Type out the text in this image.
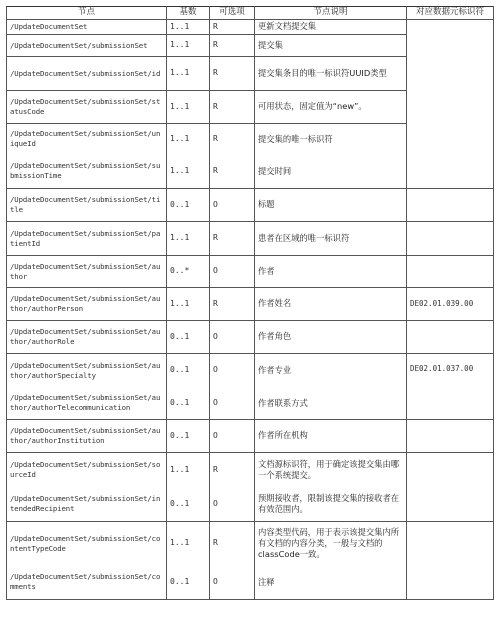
节点	基数	可选项	节点说明	对应数据元标识符
/UpdateDocumentSet	1..1	R	更新文档提交集	
/UpdateDocumentSet/submissionSet	1..1	R	提交集	
/UpdateDocumentSet/submissionSet/id	1..1	R	提交集条目的唯一标识符UUID类型	
/UpdateDocumentSet/submissionSet/statusCode	1..1	R	可用状态，固定值为“new”。	
/UpdateDocumentSet/submissionSet/uniqueId	1..1	R	提交集的唯一标识符	
/UpdateDocumentSet/submissionSet/submissionTime	1..1	R	提交时间	
/UpdateDocumentSet/submissionSet/title	0..1	O	标题	
/UpdateDocumentSet/submissionSet/patientId	1..1	R	患者在区域的唯一标识符	
/UpdateDocumentSet/submissionSet/author	0..*	O	作者	
/UpdateDocumentSet/submissionSet/author/authorPerson	1..1	R	作者姓名	DE02.01.039.00
/UpdateDocumentSet/submissionSet/author/authorRole	0..1	O	作者角色	
/UpdateDocumentSet/submissionSet/author/authorSpecialty	0..1	O	作者专业	DE02.01.037.00
/UpdateDocumentSet/submissionSet/author/authorTelecommunication	0..1	O	作者联系方式	
/UpdateDocumentSet/submissionSet/author/authorInstitution	0..1	O	作者所在机构	
/UpdateDocumentSet/submissionSet/sourceId	1..1	R	文档源标识符，用于确定该提交集由哪一个系统提交。	
/UpdateDocumentSet/submissionSet/intendedRecipient	0..1	O	预期接收者，限制该提交集的接收者在有效范围内。	
/UpdateDocumentSet/submissionSet/contentTypeCode	1..1	R	内容类型代码，用于表示该提交集内所有文档的内容分类，一般与文档的classCode一致。	
/UpdateDocumentSet/submissionSet/comments	0..1	O	注释	
